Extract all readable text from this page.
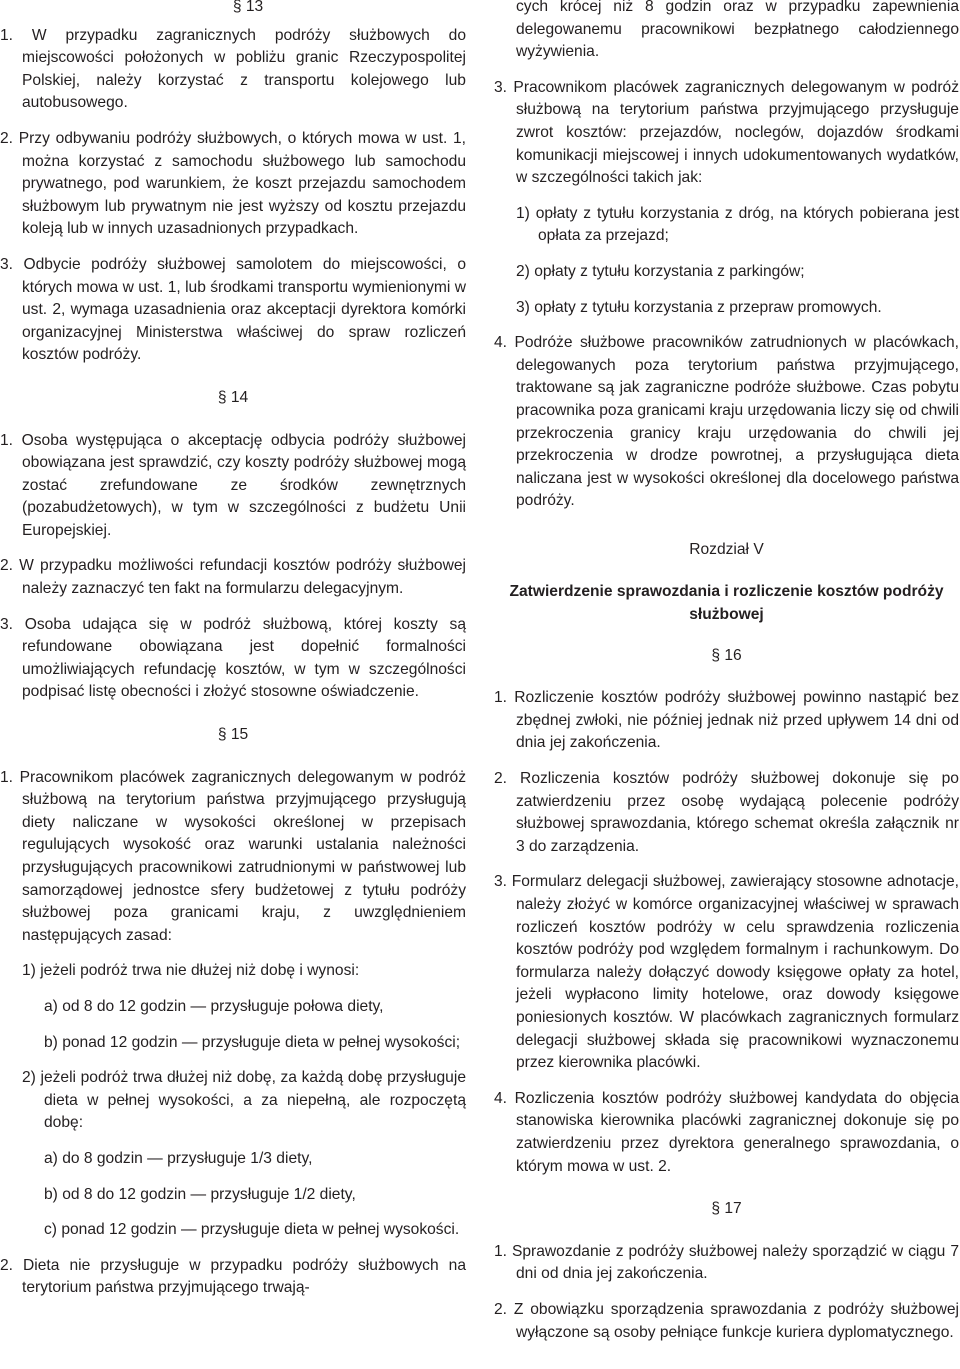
§ 13

1. W przypadku zagranicznych podróży służbowych do miejscowości położonych w pobliżu granic Rzeczypospolitej Polskiej, należy korzystać z transportu kolejowego lub autobusowego.

2. Przy odbywaniu podróży służbowych, o których mowa w ust. 1, można korzystać z samochodu służbowego lub samochodu prywatnego, pod warunkiem, że koszt przejazdu samochodem służbowym lub prywatnym nie jest wyższy od kosztu przejazdu koleją lub w innych uzasadnionych przypadkach.

3. Odbycie podróży służbowej samolotem do miejscowości, o których mowa w ust. 1, lub środkami transportu wymienionymi w ust. 2, wymaga uzasadnienia oraz akceptacji dyrektora komórki organizacyjnej Ministerstwa właściwej do spraw rozliczeń kosztów podróży.

§ 14

1. Osoba występująca o akceptację odbycia podróży służbowej obowiązana jest sprawdzić, czy koszty podróży służbowej mogą zostać zrefundowane ze środków zewnętrznych (pozabudżetowych), w tym w szczególności z budżetu Unii Europejskiej.

2. W przypadku możliwości refundacji kosztów podróży służbowej należy zaznaczyć ten fakt na formularzu delegacyjnym.

3. Osoba udająca się w podróż służbową, której koszty są refundowane obowiązana jest dopełnić formalności umożliwiających refundację kosztów, w tym w szczególności podpisać listę obecności i złożyć stosowne oświadczenie.

§ 15

1. Pracownikom placówek zagranicznych delegowanym w podróż służbową na terytorium państwa przyjmującego przysługują diety naliczane w wysokości określonej w przepisach regulujących wysokość oraz warunki ustalania należności przysługujących pracownikowi zatrudnionymi w państwowej lub samorządowej jednostce sfery budżetowej z tytułu podróży służbowej poza granicami kraju, z uwzględnieniem następujących zasad:

1) jeżeli podróż trwa nie dłużej niż dobę i wynosi:

a) od 8 do 12 godzin — przysługuje połowa diety,

b) ponad 12 godzin — przysługuje dieta w pełnej wysokości;

2) jeżeli podróż trwa dłużej niż dobę, za każdą dobę przysługuje dieta w pełnej wysokości, a za niepełną, ale rozpoczętą dobę:

a) do 8 godzin — przysługuje 1/3 diety,

b) od 8 do 12 godzin — przysługuje 1/2 diety,

c) ponad 12 godzin — przysługuje dieta w pełnej wysokości.

2. Dieta nie przysługuje w przypadku podróży służbowych na terytorium państwa przyjmującego trwają-

cych krócej niż 8 godzin oraz w przypadku zapewnienia delegowanemu pracownikowi bezpłatnego całodziennego wyżywienia.

3. Pracownikom placówek zagranicznych delegowanym w podróż służbową na terytorium państwa przyjmującego przysługuje zwrot kosztów: przejazdów, noclegów, dojazdów środkami komunikacji miejscowej i innych udokumentowanych wydatków, w szczególności takich jak:

1) opłaty z tytułu korzystania z dróg, na których pobierana jest opłata za przejazd;

2) opłaty z tytułu korzystania z parkingów;

3) opłaty z tytułu korzystania z przepraw promowych.

4. Podróże służbowe pracowników zatrudnionych w placówkach, delegowanych poza terytorium państwa przyjmującego, traktowane są jak zagraniczne podróże służbowe. Czas pobytu pracownika poza granicami kraju urzędowania liczy się od chwili przekroczenia granicy kraju urzędowania do chwili jej przekroczenia w drodze powrotnej, a przysługująca dieta naliczana jest w wysokości określonej dla docelowego państwa podróży.

Rozdział V

Zatwierdzenie sprawozdania i rozliczenie kosztów podróży służbowej

§ 16

1. Rozliczenie kosztów podróży służbowej powinno nastąpić bez zbędnej zwłoki, nie później jednak niż przed upływem 14 dni od dnia jej zakończenia.

2. Rozliczenia kosztów podróży służbowej dokonuje się po zatwierdzeniu przez osobę wydającą polecenie podróży służbowej sprawozdania, którego schemat określa załącznik nr 3 do zarządzenia.

3. Formularz delegacji służbowej, zawierający stosowne adnotacje, należy złożyć w komórce organizacyjnej właściwej w sprawach rozliczeń kosztów podróży w celu sprawdzenia rozliczenia kosztów podróży pod względem formalnym i rachunkowym. Do formularza należy dołączyć dowody księgowe opłaty za hotel, jeżeli wypłacono limity hotelowe, oraz dowody księgowe poniesionych kosztów. W placówkach zagranicznych formularz delegacji służbowej składa się pracownikowi wyznaczonemu przez kierownika placówki.

4. Rozliczenia kosztów podróży służbowej kandydata do objęcia stanowiska kierownika placówki zagranicznej dokonuje się po zatwierdzeniu przez dyrektora generalnego sprawozdania, o którym mowa w ust. 2.

§ 17

1. Sprawozdanie z podróży służbowej należy sporządzić w ciągu 7 dni od dnia jej zakończenia.

2. Z obowiązku sporządzenia sprawozdania z podróży służbowej wyłączone są osoby pełniące funkcje kuriera dyplomatycznego.
